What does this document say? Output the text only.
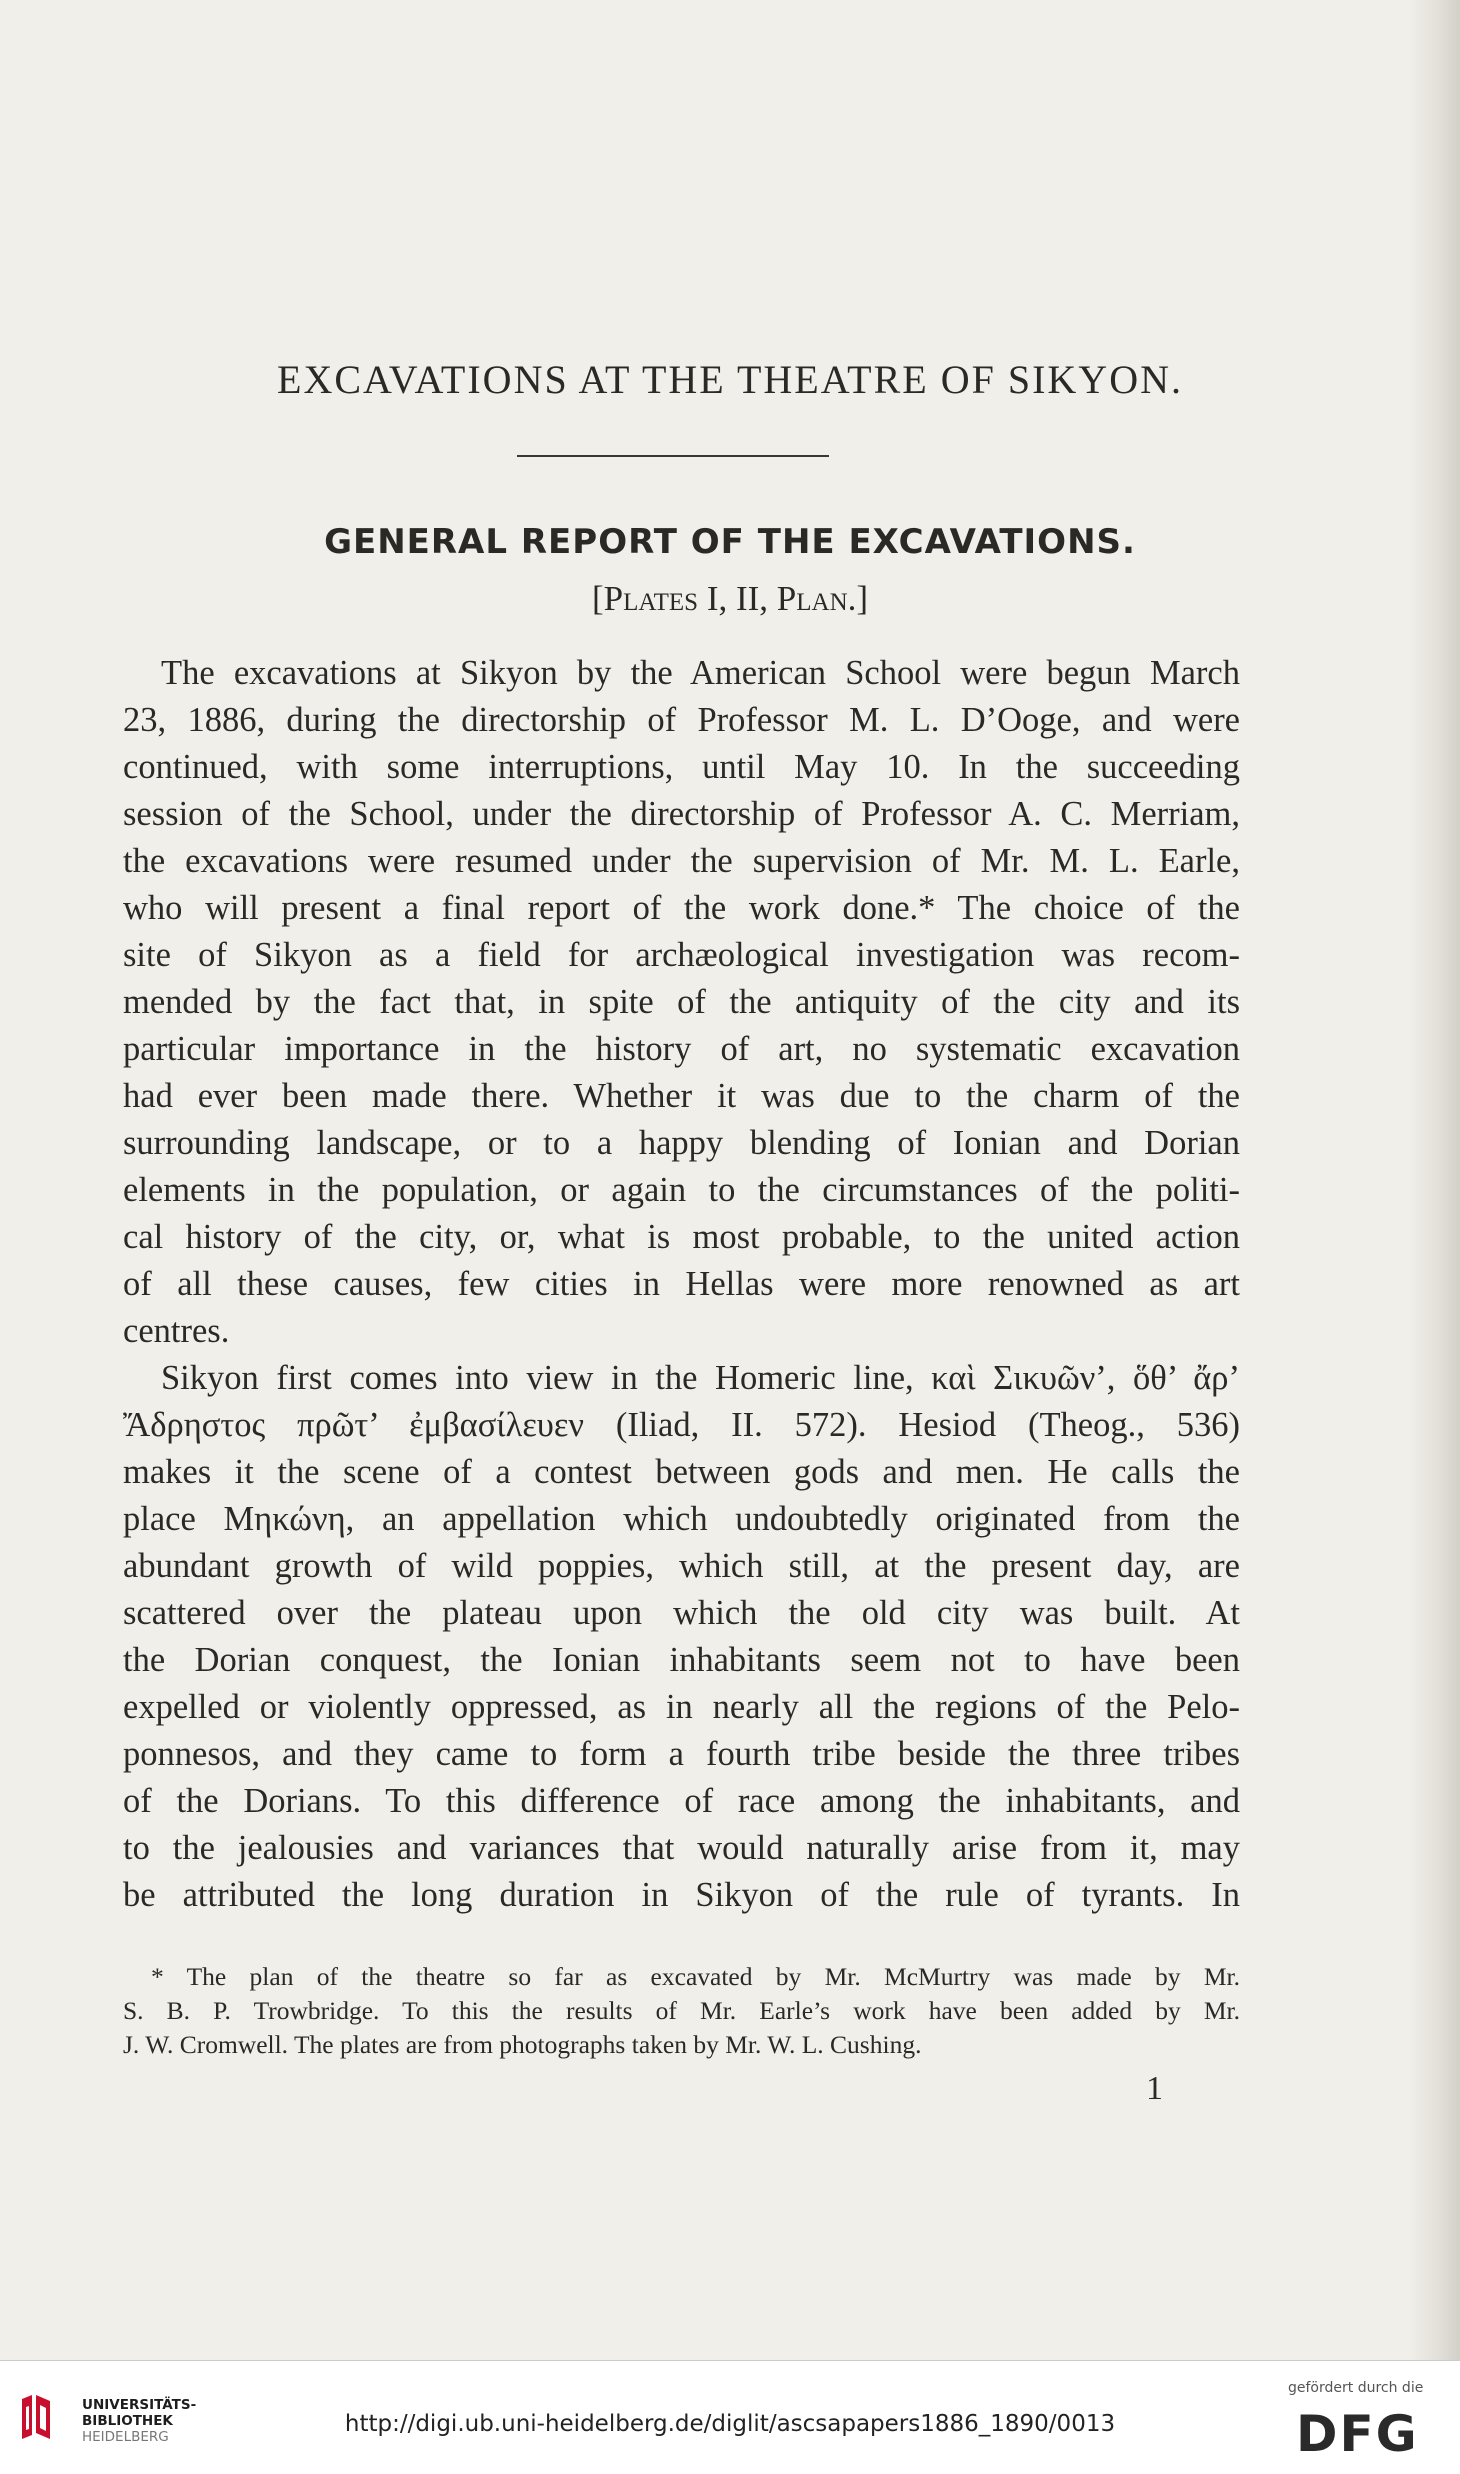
EXCAVATIONS AT THE THEATRE OF SIKYON.
GENERAL REPORT OF THE EXCAVATIONS.
[Plates I, II, Plan.]
The excavations at Sikyon by the American School were begun March
23, 1886, during the directorship of Professor M. L. D’Ooge, and were
continued, with some interruptions, until May 10. In the succeeding
session of the School, under the directorship of Professor A. C. Merriam,
the excavations were resumed under the supervision of Mr. M. L. Earle,
who will present a final report of the work done.* The choice of the
site of Sikyon as a field for archæological investigation was recom-
mended by the fact that, in spite of the antiquity of the city and its
particular importance in the history of art, no systematic excavation
had ever been made there. Whether it was due to the charm of the
surrounding landscape, or to a happy blending of Ionian and Dorian
elements in the population, or again to the circumstances of the politi-
cal history of the city, or, what is most probable, to the united action
of all these causes, few cities in Hellas were more renowned as art
centres.
Sikyon first comes into view in the Homeric line, καὶ Σικυῶν’, ὅθ’ ἄρ’
Ἄδρηστος πρῶτ’ ἐμβασίλευεν (Iliad, II. 572). Hesiod (Theog., 536)
makes it the scene of a contest between gods and men. He calls the
place Μηκώνη, an appellation which undoubtedly originated from the
abundant growth of wild poppies, which still, at the present day, are
scattered over the plateau upon which the old city was built. At
the Dorian conquest, the Ionian inhabitants seem not to have been
expelled or violently oppressed, as in nearly all the regions of the Pelo-
ponnesos, and they came to form a fourth tribe beside the three tribes
of the Dorians. To this difference of race among the inhabitants, and
to the jealousies and variances that would naturally arise from it, may
be attributed the long duration in Sikyon of the rule of tyrants. In
* The plan of the theatre so far as excavated by Mr. McMurtry was made by Mr.
S. B. P. Trowbridge. To this the results of Mr. Earle’s work have been added by Mr.
J. W. Cromwell. The plates are from photographs taken by Mr. W. L. Cushing.
1
UNIVERSITÄTS-
BIBLIOTHEK
HEIDELBERG	http://digi.ub.uni-heidelberg.de/diglit/ascsapapers1886_1890/0013
gefördert durch die
DFG
